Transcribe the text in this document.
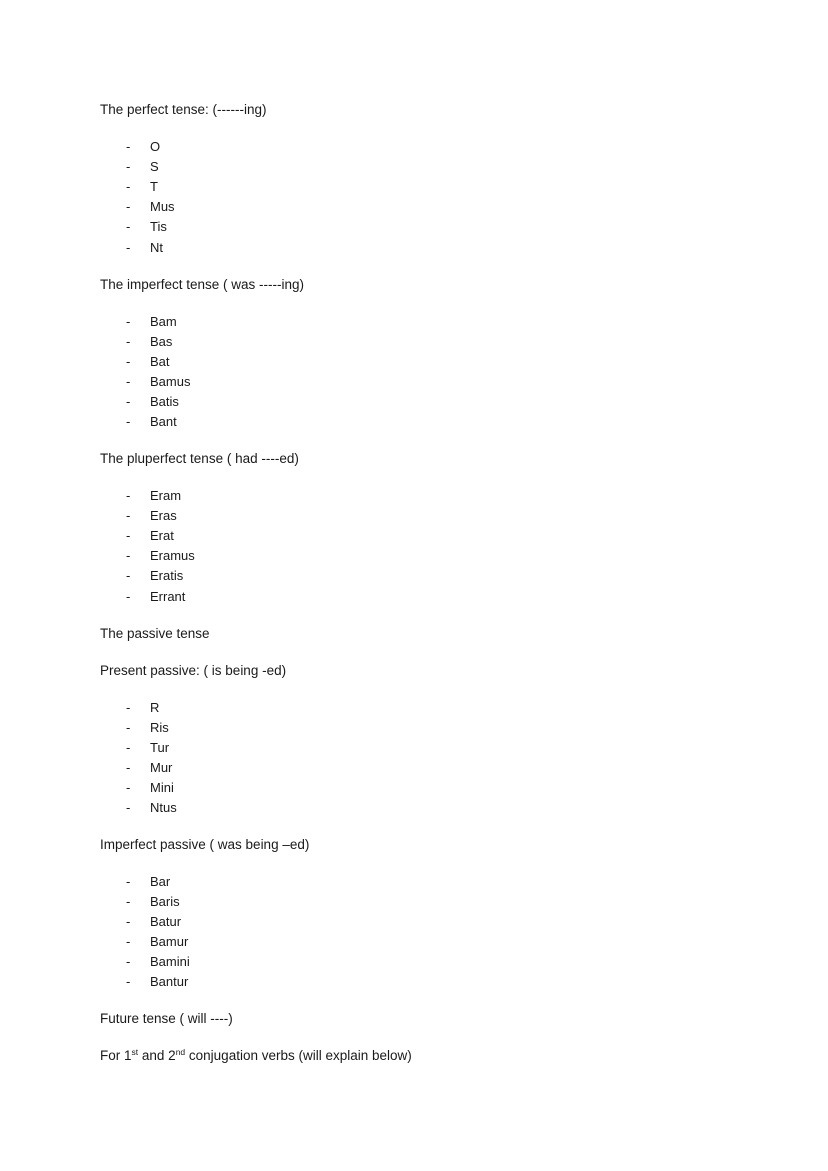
The perfect tense: (------ing)
- O
- S
- T
- Mus
- Tis
- Nt
The imperfect tense ( was -----ing)
- Bam
- Bas
- Bat
- Bamus
- Batis
- Bant
The pluperfect tense ( had ----ed)
- Eram
- Eras
- Erat
- Eramus
- Eratis
- Errant
The passive tense
Present passive: ( is being -ed)
- R
- Ris
- Tur
- Mur
- Mini
- Ntus
Imperfect passive ( was being –ed)
- Bar
- Baris
- Batur
- Bamur
- Bamini
- Bantur
Future tense ( will ----)
For 1st and 2nd conjugation verbs (will explain below)
